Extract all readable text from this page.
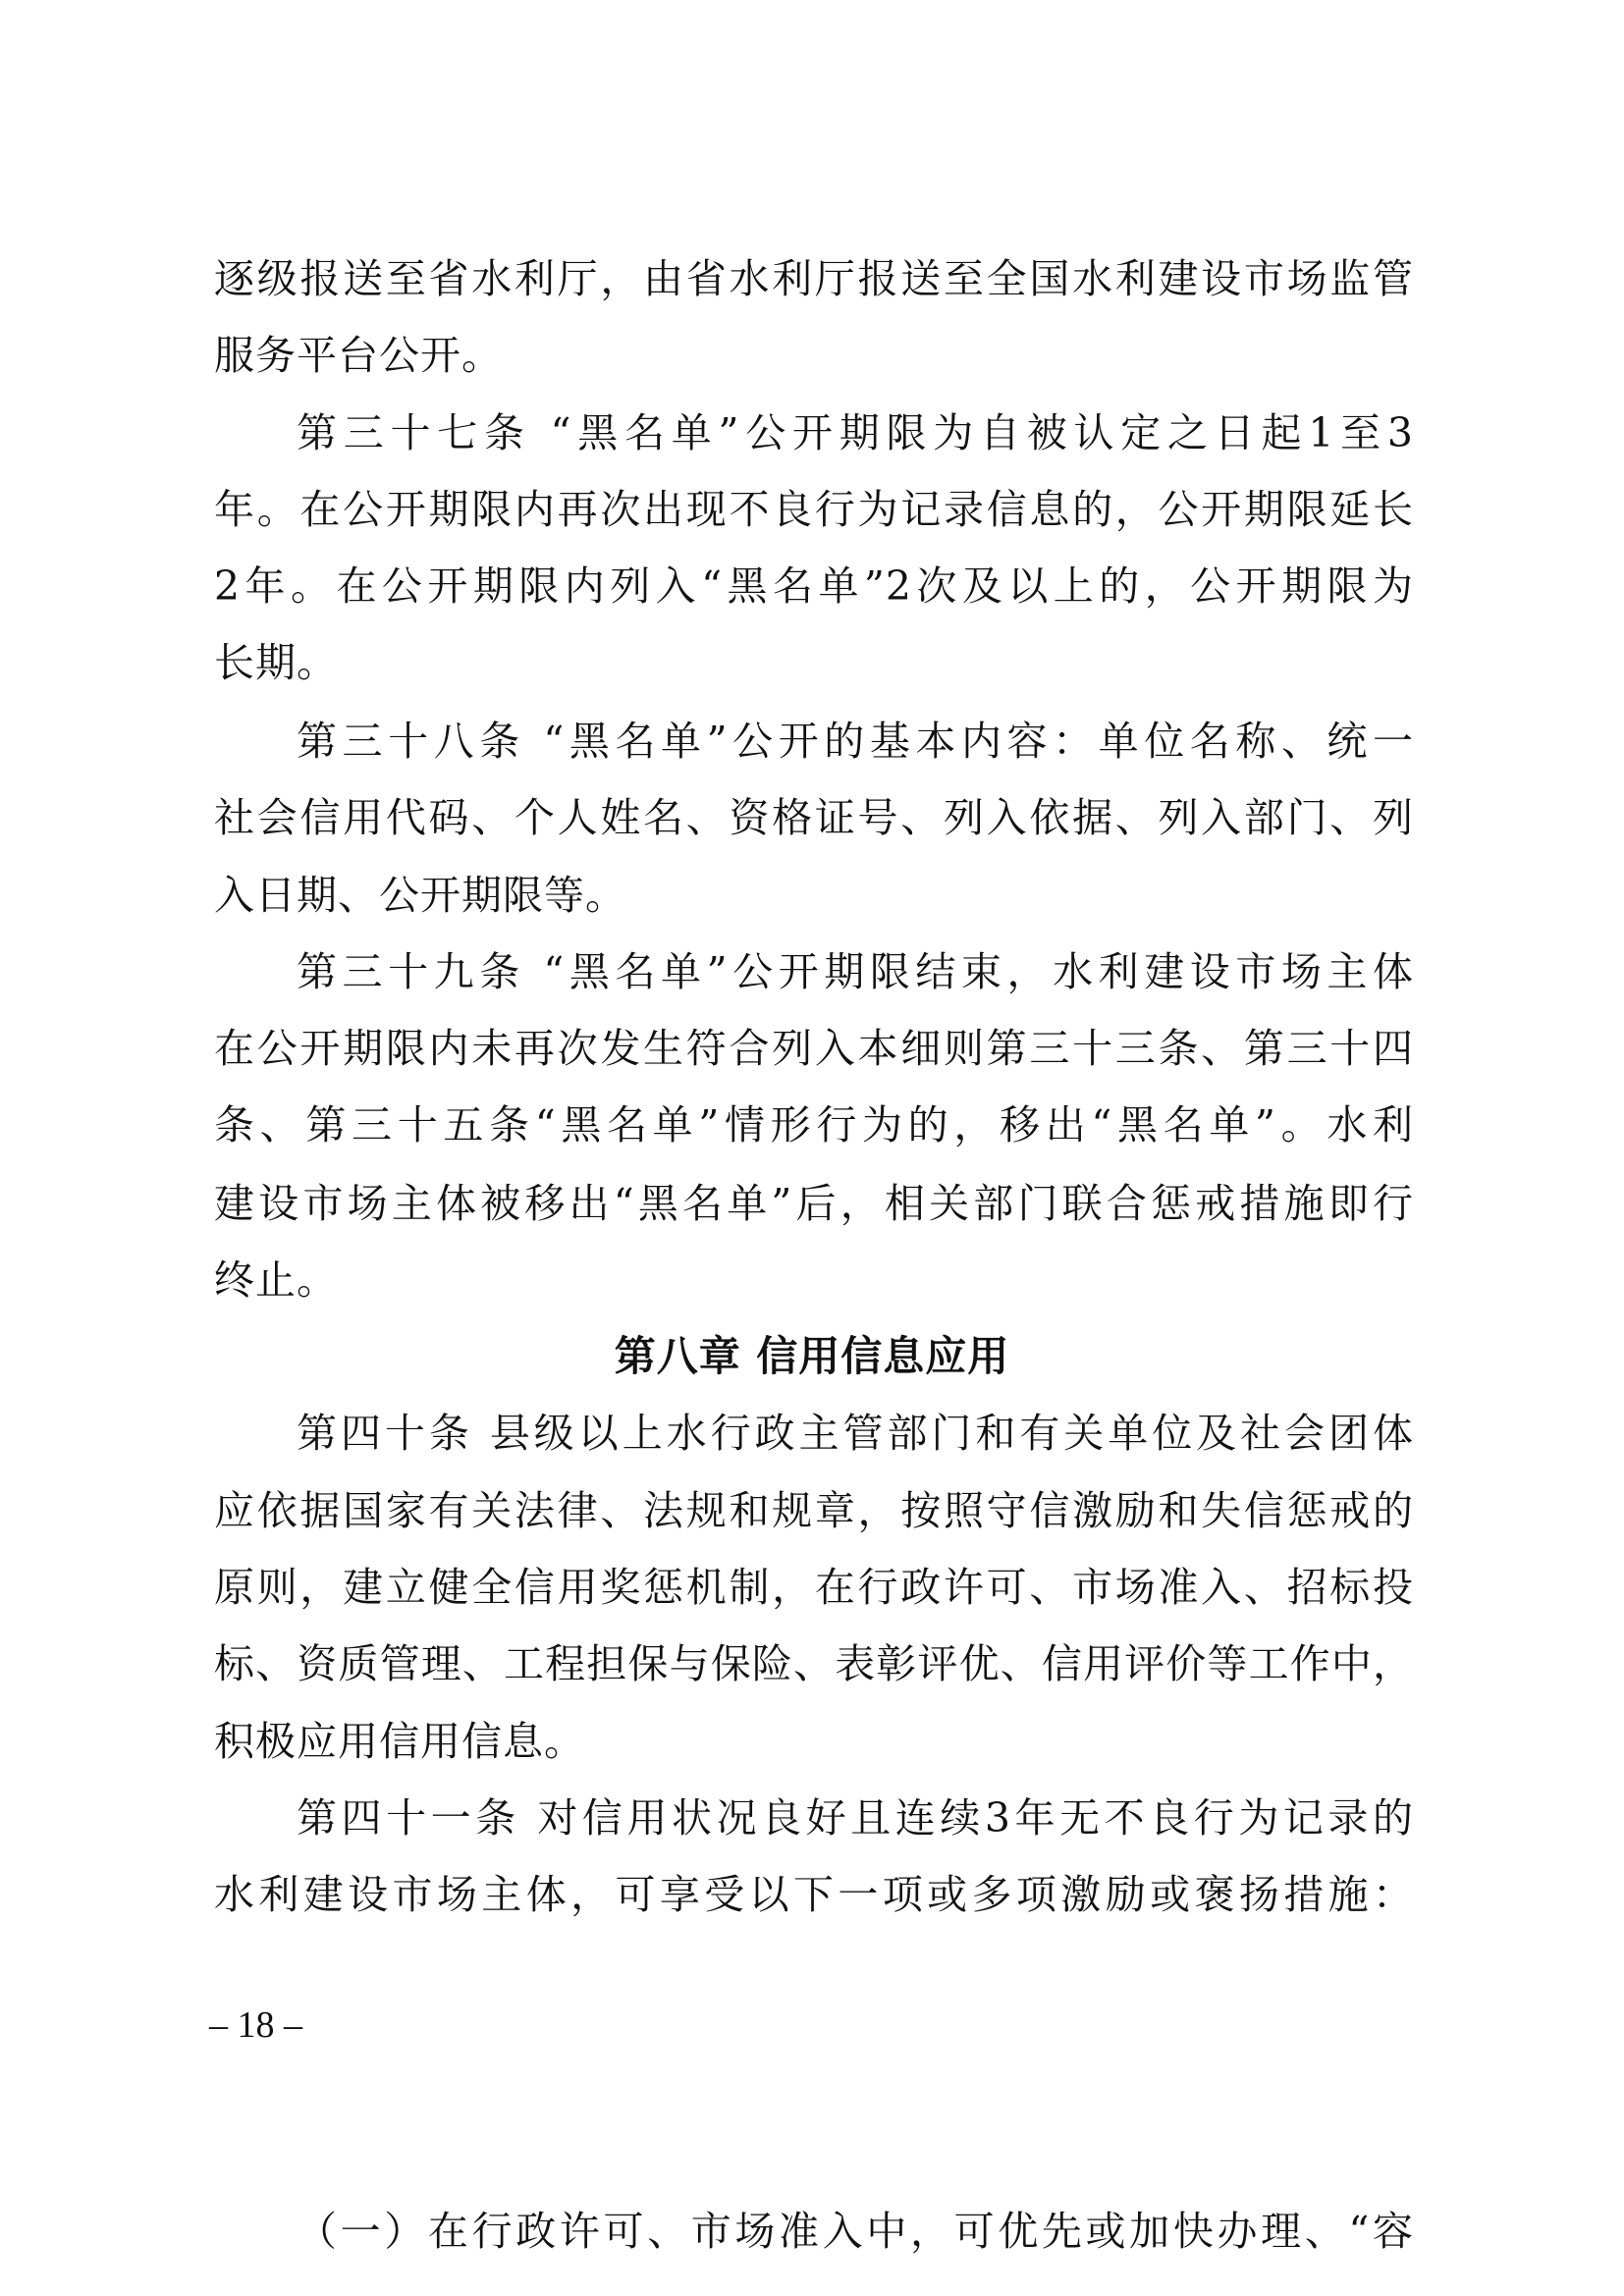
逐级报送至省水利厅，由省水利厅报送至全国水利建设市场监管
服务平台公开。
第三十七条 “黑名单”公开期限为自被认定之日起1至3
年。在公开期限内再次出现不良行为记录信息的，公开期限延长
2年。在公开期限内列入“黑名单”2次及以上的，公开期限为
长期。
第三十八条 “黑名单”公开的基本内容：单位名称、统一
社会信用代码、个人姓名、资格证号、列入依据、列入部门、列
入日期、公开期限等。
第三十九条 “黑名单”公开期限结束，水利建设市场主体
在公开期限内未再次发生符合列入本细则第三十三条、第三十四
条、第三十五条“黑名单”情形行为的，移出“黑名单”。水利
建设市场主体被移出“黑名单”后，相关部门联合惩戒措施即行
终止。
第八章 信用信息应用
第四十条 县级以上水行政主管部门和有关单位及社会团体
应依据国家有关法律、法规和规章，按照守信激励和失信惩戒的
原则，建立健全信用奖惩机制，在行政许可、市场准入、招标投
标、资质管理、工程担保与保险、表彰评优、信用评价等工作中，
积极应用信用信息。
第四十一条 对信用状况良好且连续3年无不良行为记录的
水利建设市场主体，可享受以下一项或多项激励或褒扬措施：
（一）在行政许可、市场准入中，可优先或加快办理、“容
– 18 –
